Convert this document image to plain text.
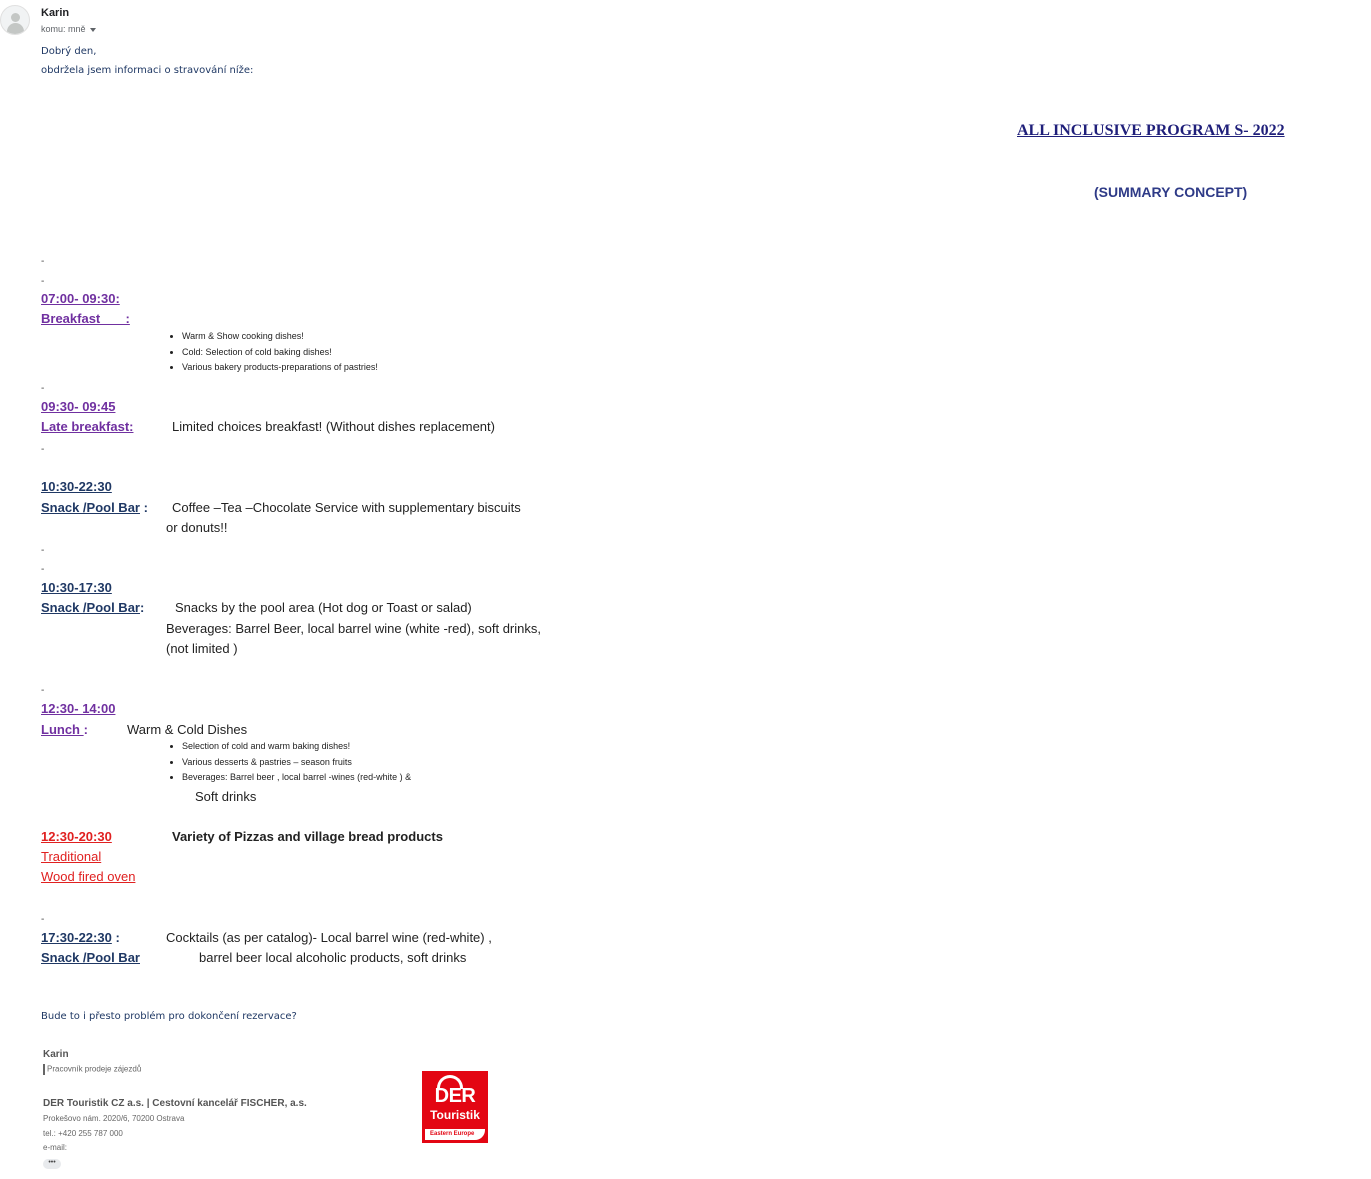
Karin
komu: mně
Dobrý den,
obdržela jsem informaci o stravování níže:
ALL INCLUSIVE PROGRAM S- 2022
(SUMMARY CONCEPT)
-
-
07:00- 09:30:
Breakfast       :
• Warm & Show cooking dishes!
• Cold: Selection of cold baking dishes!
• Various bakery products-preparations of pastries!
-
09:30- 09:45
Late breakfast:	Limited choices breakfast! (Without dishes replacement)
-
10:30-22:30
Snack /Pool Bar : Coffee –Tea –Chocolate Service with supplementary biscuits
or donuts!!
-
-
10:30-17:30
Snack /Pool Bar: Snacks by the pool area (Hot dog or Toast or salad)
Beverages: Barrel Beer, local barrel wine (white -red), soft drinks,
(not limited )
-
12:30- 14:00
Lunch :	Warm & Cold Dishes
• Selection of cold and warm baking dishes!
• Various desserts & pastries – season fruits
• Beverages: Barrel beer , local barrel -wines (red-white ) &
Soft drinks
12:30-20:30
Traditional
Wood fired oven
Variety of Pizzas and village bread products
-
17:30-22:30 :
Snack /Pool Bar
Cocktails (as per catalog)- Local barrel wine (red-white) ,
barrel beer local alcoholic products, soft drinks
Bude to i přesto problém pro dokončení rezervace?
Karin
Pracovník prodeje zájezdů
DER Touristik CZ a.s. | Cestovní kancelář FISCHER, a.s.
Prokešovo nám. 2020/6, 70200 Ostrava
tel.: +420 255 787 000
e-mail:
•••
DER
Touristik
Eastern Europe
